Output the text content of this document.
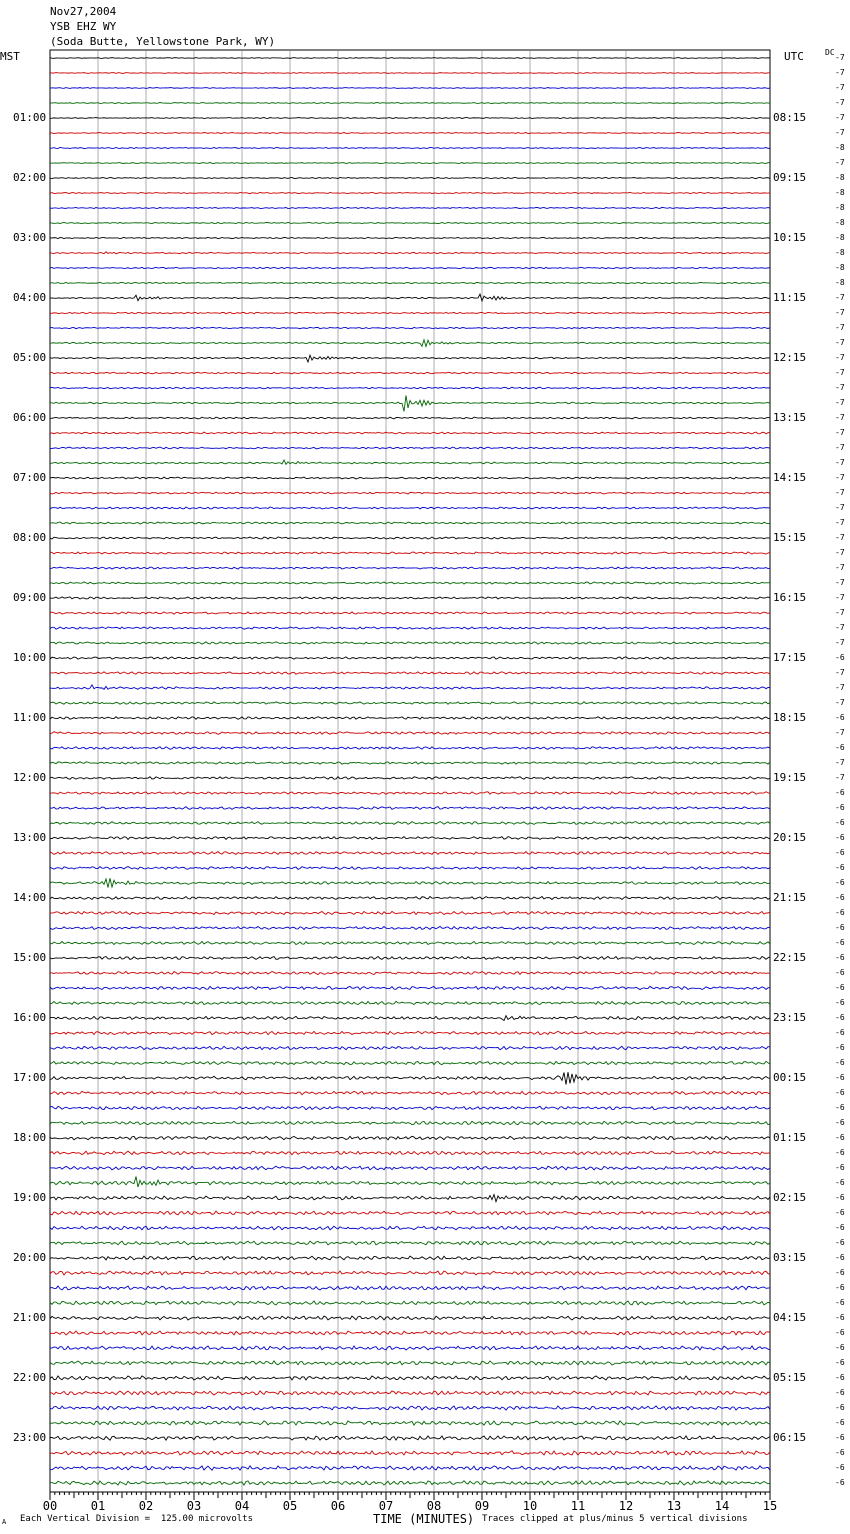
00	01	02	03	04	05	06	07	08	09	10	11	12	13	14	15
Nov27,2004
YSB EHZ WY
(Soda Butte, Yellowstone Park, WY)
MST	UTC	DC
01:00
02:00
03:00
04:00
05:00
06:00
07:00
08:00
09:00
10:00
11:00
12:00
13:00
14:00
15:00
16:00
17:00
18:00
19:00
20:00
21:00
22:00
23:00
08:15
09:15
10:15
11:15
12:15
13:15
14:15
15:15
16:15
17:15
18:15
19:15
20:15
21:15
22:15
23:15
00:15
01:15
02:15
03:15
04:15
05:15
06:15
-7
-7
-7
-7
-7
-7
-8
-7
-8
-8
-8
-8
-8
-8
-8
-8
-7
-7
-7
-7
-7
-7
-7
-7
-7
-7
-7
-7
-7
-7
-7
-7
-7
-7
-7
-7
-7
-7
-7
-7
-6
-7
-7
-7
-6
-7
-6
-7
-7
-6
-6
-6
-6
-6
-6
-6
-6
-6
-6
-6
-6
-6
-6
-6
-6
-6
-6
-6
-6
-6
-6
-6
-6
-6
-6
-6
-6
-6
-6
-6
-6
-6
-6
-6
-6
-6
-6
-6
-6
-6
-6
-6
-6
-6
-6
-6
A Each Vertical Division =  125.00 microvolts	TIME (MINUTES) Traces clipped at plus/minus 5 vertical divisions
